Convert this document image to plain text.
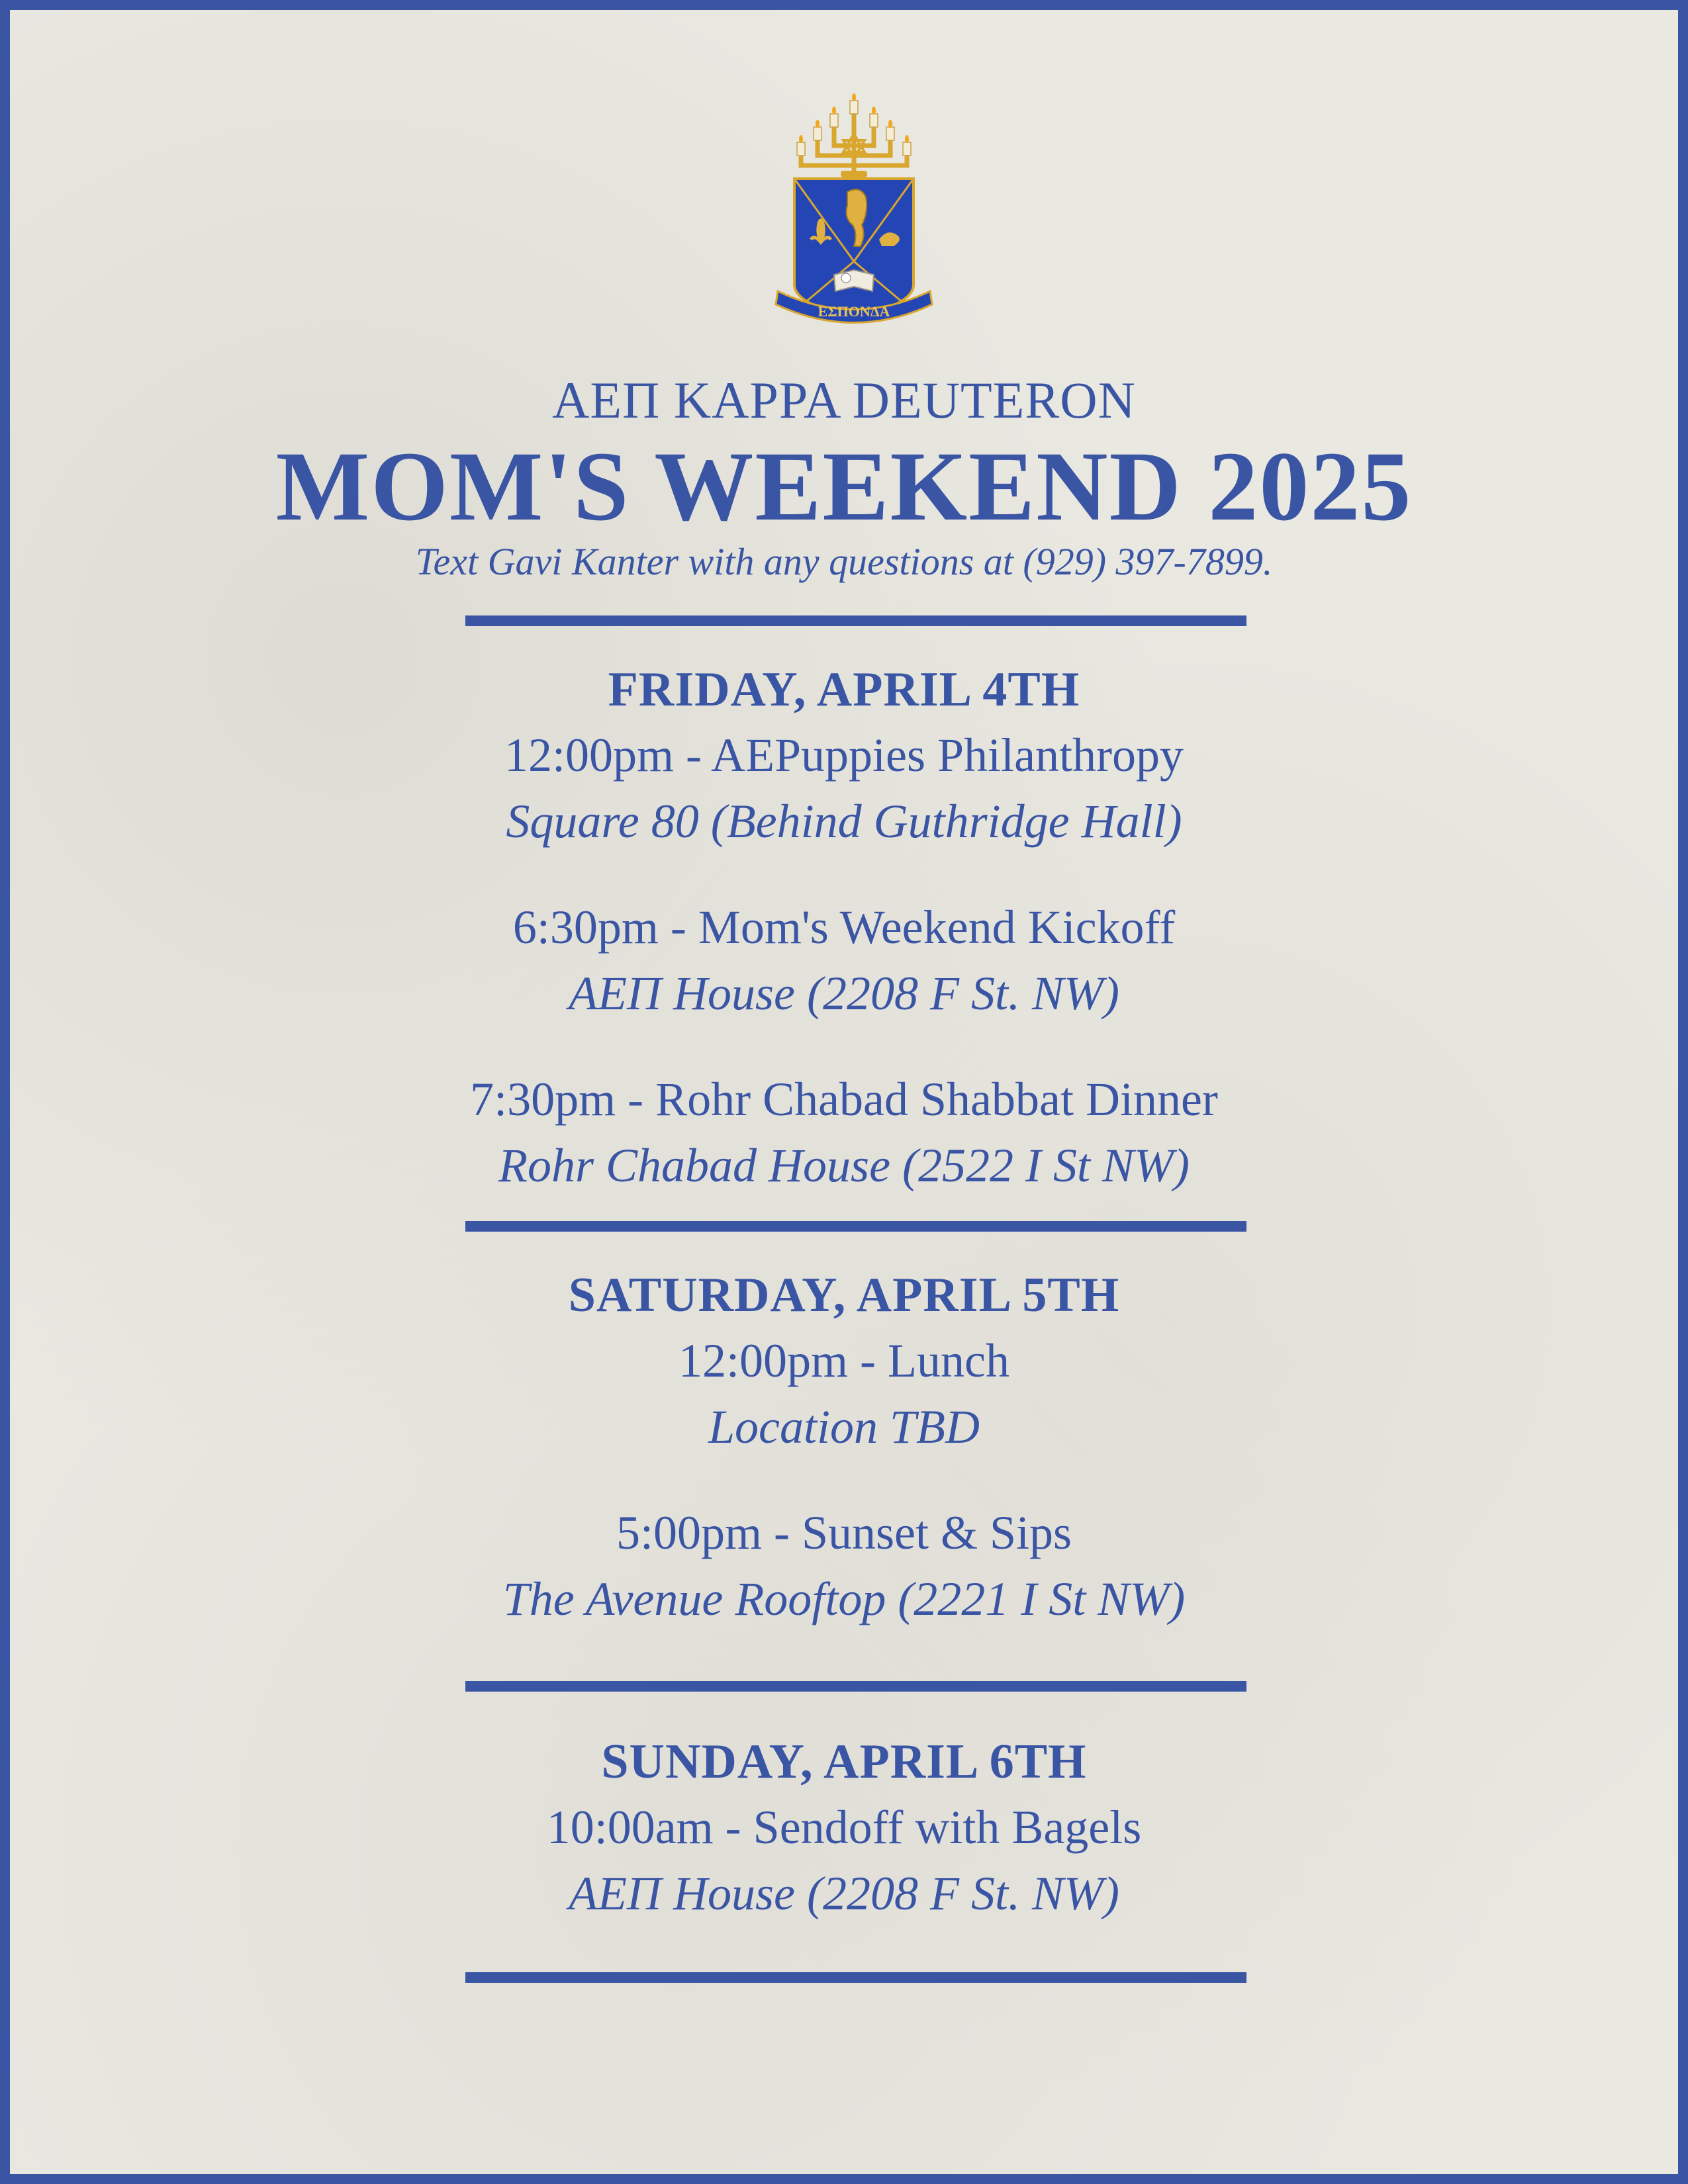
ΕΣΠΟΝΔΑ
ΑΕΠ KAPPA DEUTERON
MOM'S WEEKEND 2025
Text Gavi Kanter with any questions at (929) 397-7899.
FRIDAY, APRIL 4TH
12:00pm - AEPuppies Philanthropy
Square 80 (Behind Guthridge Hall)
6:30pm - Mom's Weekend Kickoff
ΑΕΠ House (2208 F St. NW)
7:30pm - Rohr Chabad Shabbat Dinner
Rohr Chabad House (2522 I St NW)
SATURDAY, APRIL 5TH
12:00pm - Lunch
Location TBD
5:00pm - Sunset & Sips
The Avenue Rooftop (2221 I St NW)
SUNDAY, APRIL 6TH
10:00am - Sendoff with Bagels
ΑΕΠ House (2208 F St. NW)
